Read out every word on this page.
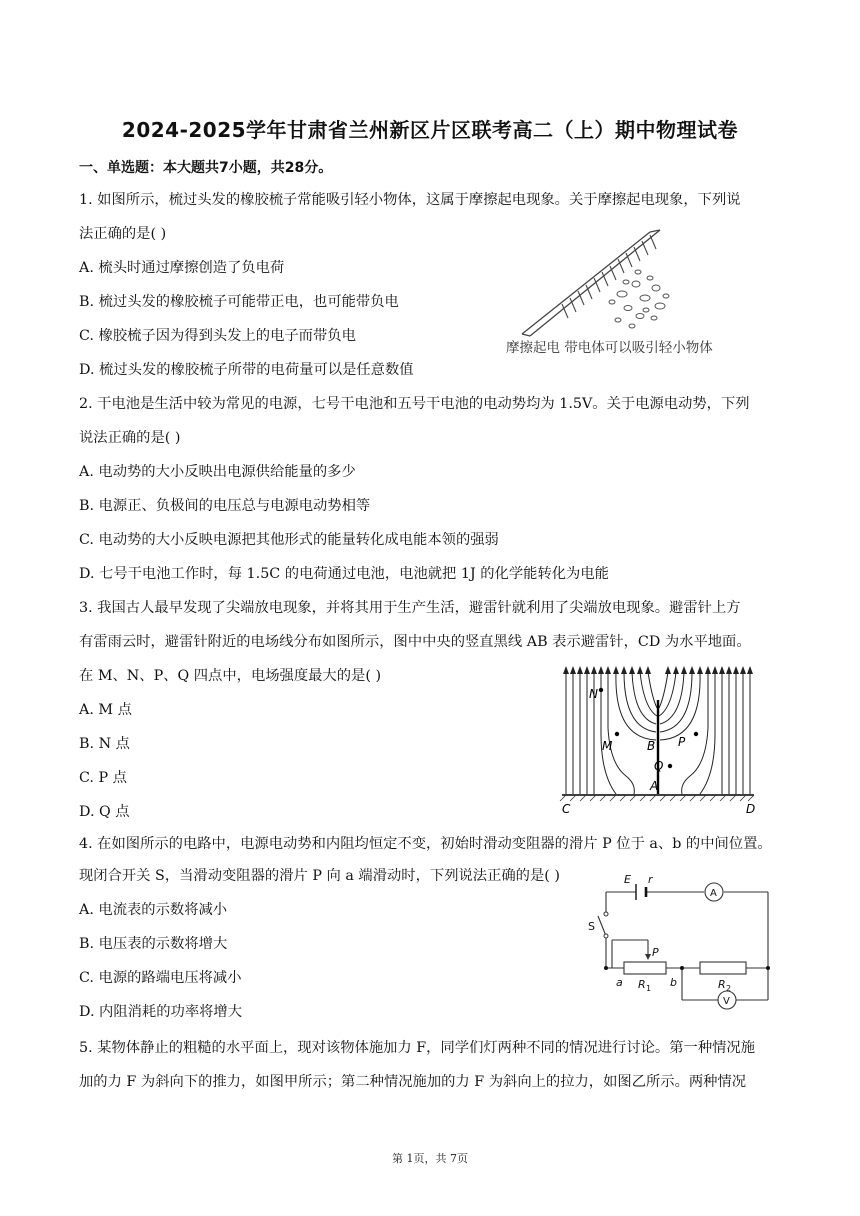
2024-2025学年甘肃省兰州新区片区联考高二（上）期中物理试卷
一、单选题：本大题共7小题，共28分。
1. 如图所示，梳过头发的橡胶梳子常能吸引轻小物体，这属于摩擦起电现象。关于摩擦起电现象，下列说
法正确的是( )
A. 梳头时通过摩擦创造了负电荷
B. 梳过头发的橡胶梳子可能带正电，也可能带负电
C. 橡胶梳子因为得到头发上的电子而带负电
D. 梳过头发的橡胶梳子所带的电荷量可以是任意数值
摩擦起电 带电体可以吸引轻小物体
2. 干电池是生活中较为常见的电源，七号干电池和五号干电池的电动势均为 1.5V。关于电源电动势，下列
说法正确的是( )
A. 电动势的大小反映出电源供给能量的多少
B. 电源正、负极间的电压总与电源电动势相等
C. 电动势的大小反映电源把其他形式的能量转化成电能本领的强弱
D. 七号干电池工作时，每 1.5C 的电荷通过电池，电池就把 1J 的化学能转化为电能
3. 我国古人最早发现了尖端放电现象，并将其用于生产生活，避雷针就利用了尖端放电现象。避雷针上方
有雷雨云时，避雷针附近的电场线分布如图所示，图中中央的竖直黑线 AB 表示避雷针，CD 为水平地面。
在 M、N、P、Q 四点中，电场强度最大的是( )
A. M 点
B. N 点
C. P 点
D. Q 点
N
M	B P
Q
A
C	D
4. 在如图所示的电路中，电源电动势和内阻均恒定不变，初始时滑动变阻器的滑片 P 位于 a、b 的中间位置。
现闭合开关 S，当滑动变阻器的滑片 P 向 a 端滑动时，下列说法正确的是( )
A. 电流表的示数将减小
B. 电压表的示数将增大
C. 电源的路端电压将减小
D. 内阻消耗的功率将增大
E r
A
S
P
a R 1 b	R 2
V
5. 某物体静止的粗糙的水平面上，现对该物体施加力 F，同学们灯两种不同的情况进行讨论。第一种情况施
加的力 F 为斜向下的推力，如图甲所示；第二种情况施加的力 F 为斜向上的拉力，如图乙所示。两种情况
第 1页，共 7页
